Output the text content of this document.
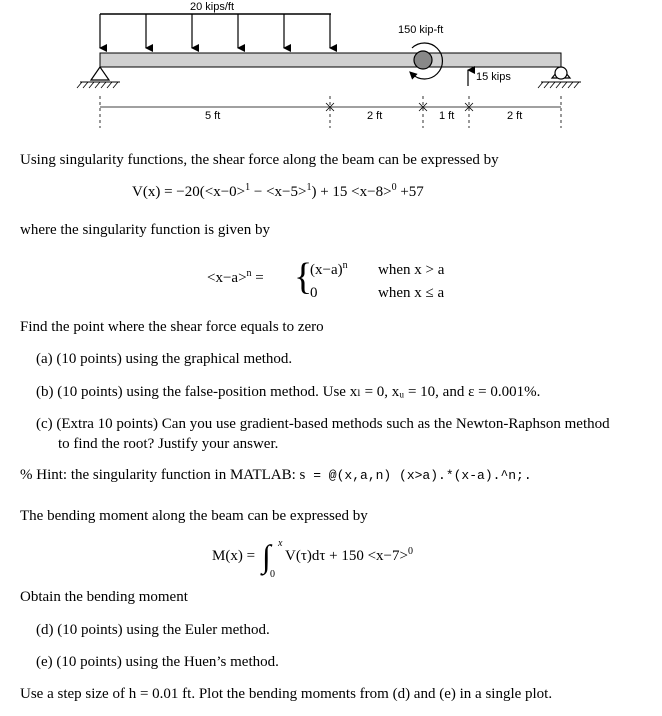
20 kips/ft
150 kip-ft
15 kips
5 ft	2 ft	1 ft	2 ft
Using singularity functions, the shear force along the beam can be expressed by
V(x) = −20(<x−0>$^1$ − <x−5>$^1$) + 15 <x−8>$^0$ +57
where the singularity function is given by
<x−a>$^n$ = {
$(x-a)^n$ when x > a
0	when x ≤ a
Find the point where the shear force equals to zero
(a) (10 points) using the graphical method.
(b) (10 points) using the false-position method. Use xₗ = 0, xᵤ = 10, and ε = 0.001%.
(c) (Extra 10 points) Can you use gradient-based methods such as the Newton-Raphson method
to find the root? Justify your answer.
% Hint: the singularity function in MATLAB: s = @(x,a,n) (x>a).*(x-a).^n;.
The bending moment along the beam can be expressed by
M(x) = ∫ x
0
V(τ)dτ + 150 <x−7>$^0$
Obtain the bending moment
(d) (10 points) using the Euler method.
(e) (10 points) using the Huen’s method.
Use a step size of h = 0.01 ft. Plot the bending moments from (d) and (e) in a single plot.
